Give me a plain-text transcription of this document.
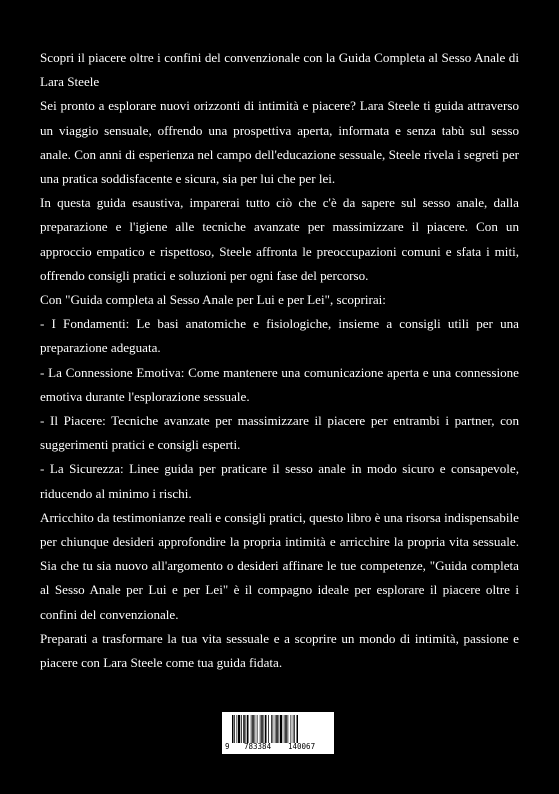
Scopri il piacere oltre i confini del convenzionale con la Guida Completa al Sesso Anale di Lara Steele

Sei pronto a esplorare nuovi orizzonti di intimità e piacere? Lara Steele ti guida attraverso un viaggio sensuale, offrendo una prospettiva aperta, informata e senza tabù sul sesso anale. Con anni di esperienza nel campo dell'educazione sessuale, Steele rivela i segreti per una pratica soddisfacente e sicura, sia per lui che per lei.

In questa guida esaustiva, imparerai tutto ciò che c'è da sapere sul sesso anale, dalla preparazione e l'igiene alle tecniche avanzate per massimizzare il piacere. Con un approccio empatico e rispettoso, Steele affronta le preoccupazioni comuni e sfata i miti, offrendo consigli pratici e soluzioni per ogni fase del percorso.

Con "Guida completa al Sesso Anale per Lui e per Lei", scoprirai:

- I Fondamenti: Le basi anatomiche e fisiologiche, insieme a consigli utili per una preparazione adeguata.

- La Connessione Emotiva: Come mantenere una comunicazione aperta e una connessione emotiva durante l'esplorazione sessuale.

- Il Piacere: Tecniche avanzate per massimizzare il piacere per entrambi i partner, con suggerimenti pratici e consigli esperti.

- La Sicurezza: Linee guida per praticare il sesso anale in modo sicuro e consapevole, riducendo al minimo i rischi.

Arricchito da testimonianze reali e consigli pratici, questo libro è una risorsa indispensabile per chiunque desideri approfondire la propria intimità e arricchire la propria vita sessuale. Sia che tu sia nuovo all'argomento o desideri affinare le tue competenze, "Guida completa al Sesso Anale per Lui e per Lei" è il compagno ideale per esplorare il piacere oltre i confini del convenzionale.

Preparati a trasformare la tua vita sessuale e a scoprire un mondo di intimità, passione e piacere con Lara Steele come tua guida fidata.

9 783384 140067
